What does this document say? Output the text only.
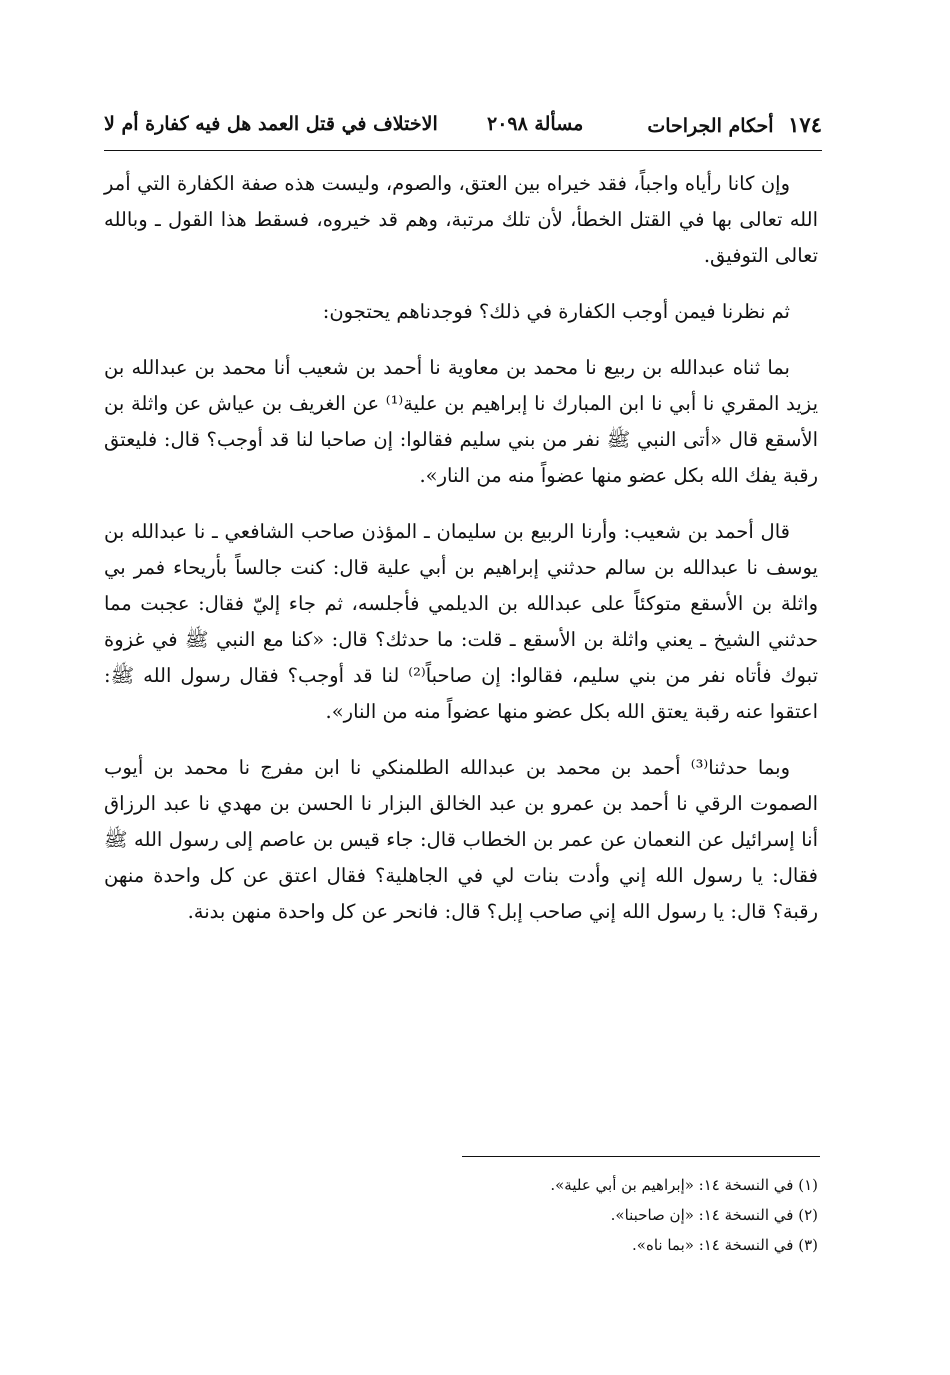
١٧٤ أحكام الجراحات
مسألة ٢٠٩٨
الاختلاف في قتل العمد هل فيه كفارة أم لا

وإن كانا رأياه واجباً، فقد خيراه بين العتق، والصوم، وليست هذه صفة الكفارة التي أمر الله تعالى بها في القتل الخطأ، لأن تلك مرتبة، وهم قد خيروه، فسقط هذا القول ـ وبالله تعالى التوفيق.

ثم نظرنا فيمن أوجب الكفارة في ذلك؟ فوجدناهم يحتجون:

بما ثناه عبدالله بن ربيع نا محمد بن معاوية نا أحمد بن شعيب أنا محمد بن عبدالله بن يزيد المقري نا أبي نا ابن المبارك نا إبراهيم بن علية⁽¹⁾ عن الغريف بن عياش عن واثلة بن الأسقع قال «أتى النبي ﷺ نفر من بني سليم فقالوا: إن صاحبا لنا قد أوجب؟ قال: فليعتق رقبة يفك الله بكل عضو منها عضواً منه من النار».

قال أحمد بن شعيب: وأرنا الربيع بن سليمان ـ المؤذن صاحب الشافعي ـ نا عبدالله بن يوسف نا عبدالله بن سالم حدثني إبراهيم بن أبي علية قال: كنت جالساً بأريحاء فمر بي واثلة بن الأسقع متوكئاً على عبدالله بن الديلمي فأجلسه، ثم جاء إليّ فقال: عجبت مما حدثني الشيخ ـ يعني واثلة بن الأسقع ـ قلت: ما حدثك؟ قال: «كنا مع النبي ﷺ في غزوة تبوك فأتاه نفر من بني سليم، فقالوا: إن صاحباً⁽²⁾ لنا قد أوجب؟ فقال رسول الله ﷺ: اعتقوا عنه رقبة يعتق الله بكل عضو منها عضواً منه من النار».

وبما حدثنا⁽³⁾ أحمد بن محمد بن عبدالله الطلمنكي نا ابن مفرج نا محمد بن أيوب الصموت الرقي نا أحمد بن عمرو بن عبد الخالق البزار نا الحسن بن مهدي نا عبد الرزاق أنا إسرائيل عن النعمان عن عمر بن الخطاب قال: جاء قيس بن عاصم إلى رسول الله ﷺ فقال: يا رسول الله إني وأدت بنات لي في الجاهلية؟ فقال اعتق عن كل واحدة منهن رقبة؟ قال: يا رسول الله إني صاحب إبل؟ قال: فانحر عن كل واحدة منهن بدنة.

(١) في النسخة ١٤: «إبراهيم بن أبي علية».
(٢) في النسخة ١٤: «إن صاحبنا».
(٣) في النسخة ١٤: «بما ناه».
